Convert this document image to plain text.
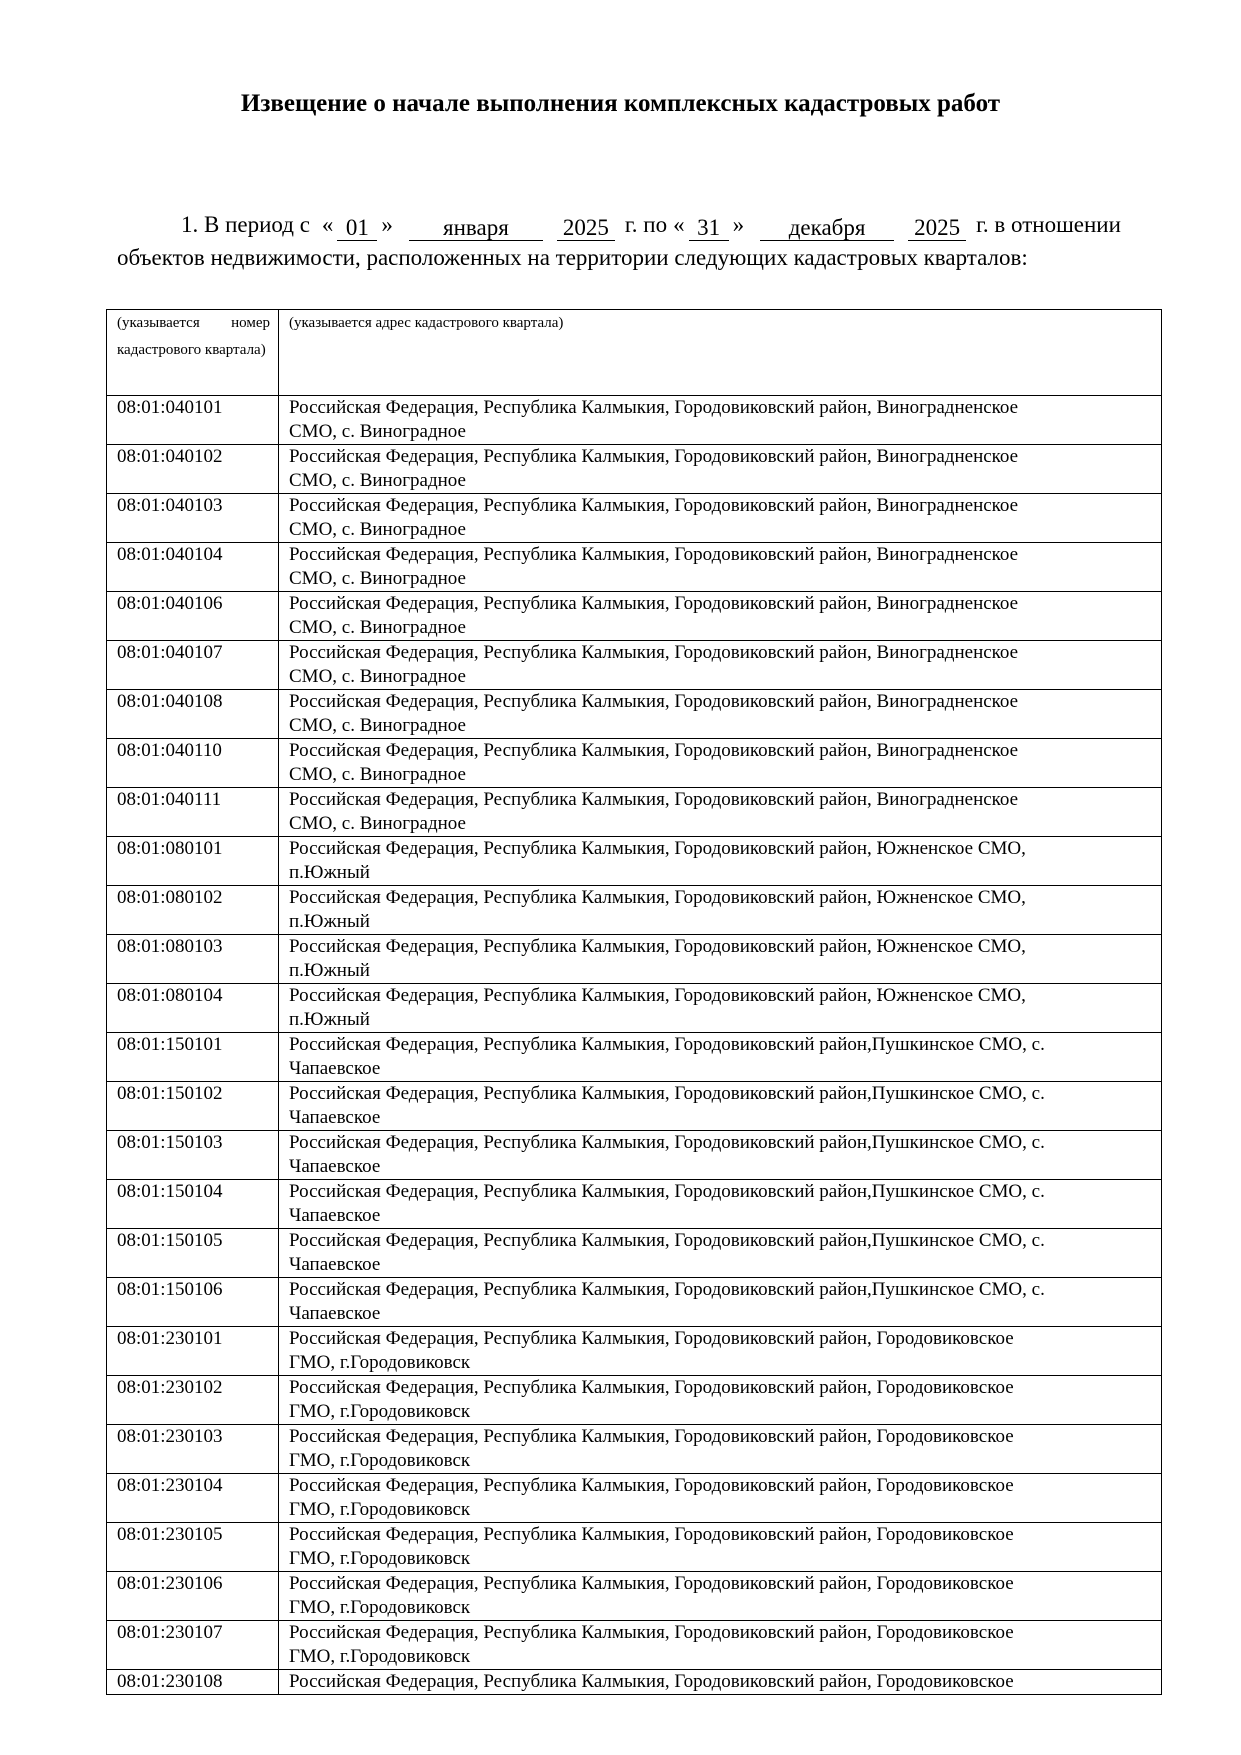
Извещение о начале выполнения комплексных кадастровых работ
1. В период с « 01 »	января	2025 г. по « 31 »	декабря	2025 г. в отношении
объектов недвижимости, расположенных на территории следующих кадастровых кварталов:
(указывается номер кадастрового квартала)	(указывается адрес кадастрового квартала)
08:01:040101	Российская Федерация, Республика Калмыкия, Городовиковский район, Виноградненское
СМО, с. Виноградное

08:01:040102	Российская Федерация, Республика Калмыкия, Городовиковский район, Виноградненское
СМО, с. Виноградное

08:01:040103	Российская Федерация, Республика Калмыкия, Городовиковский район, Виноградненское
СМО, с. Виноградное

08:01:040104	Российская Федерация, Республика Калмыкия, Городовиковский район, Виноградненское
СМО, с. Виноградное

08:01:040106	Российская Федерация, Республика Калмыкия, Городовиковский район, Виноградненское
СМО, с. Виноградное

08:01:040107	Российская Федерация, Республика Калмыкия, Городовиковский район, Виноградненское
СМО, с. Виноградное

08:01:040108	Российская Федерация, Республика Калмыкия, Городовиковский район, Виноградненское
СМО, с. Виноградное

08:01:040110	Российская Федерация, Республика Калмыкия, Городовиковский район, Виноградненское
СМО, с. Виноградное

08:01:040111	Российская Федерация, Республика Калмыкия, Городовиковский район, Виноградненское
СМО, с. Виноградное

08:01:080101	Российская Федерация, Республика Калмыкия, Городовиковский район, Южненское СМО,
п.Южный

08:01:080102	Российская Федерация, Республика Калмыкия, Городовиковский район, Южненское СМО,
п.Южный

08:01:080103	Российская Федерация, Республика Калмыкия, Городовиковский район, Южненское СМО,
п.Южный

08:01:080104	Российская Федерация, Республика Калмыкия, Городовиковский район, Южненское СМО,
п.Южный

08:01:150101	Российская Федерация, Республика Калмыкия, Городовиковский район,Пушкинское СМО, с.
Чапаевское

08:01:150102	Российская Федерация, Республика Калмыкия, Городовиковский район,Пушкинское СМО, с.
Чапаевское

08:01:150103	Российская Федерация, Республика Калмыкия, Городовиковский район,Пушкинское СМО, с.
Чапаевское

08:01:150104	Российская Федерация, Республика Калмыкия, Городовиковский район,Пушкинское СМО, с.
Чапаевское

08:01:150105	Российская Федерация, Республика Калмыкия, Городовиковский район,Пушкинское СМО, с.
Чапаевское

08:01:150106	Российская Федерация, Республика Калмыкия, Городовиковский район,Пушкинское СМО, с.
Чапаевское

08:01:230101	Российская Федерация, Республика Калмыкия, Городовиковский район, Городовиковское
ГМО, г.Городовиковск

08:01:230102	Российская Федерация, Республика Калмыкия, Городовиковский район, Городовиковское
ГМО, г.Городовиковск

08:01:230103	Российская Федерация, Республика Калмыкия, Городовиковский район, Городовиковское
ГМО, г.Городовиковск

08:01:230104	Российская Федерация, Республика Калмыкия, Городовиковский район, Городовиковское
ГМО, г.Городовиковск

08:01:230105	Российская Федерация, Республика Калмыкия, Городовиковский район, Городовиковское
ГМО, г.Городовиковск

08:01:230106	Российская Федерация, Республика Калмыкия, Городовиковский район, Городовиковское
ГМО, г.Городовиковск

08:01:230107	Российская Федерация, Республика Калмыкия, Городовиковский район, Городовиковское
ГМО, г.Городовиковск

08:01:230108	Российская Федерация, Республика Калмыкия, Городовиковский район, Городовиковское
